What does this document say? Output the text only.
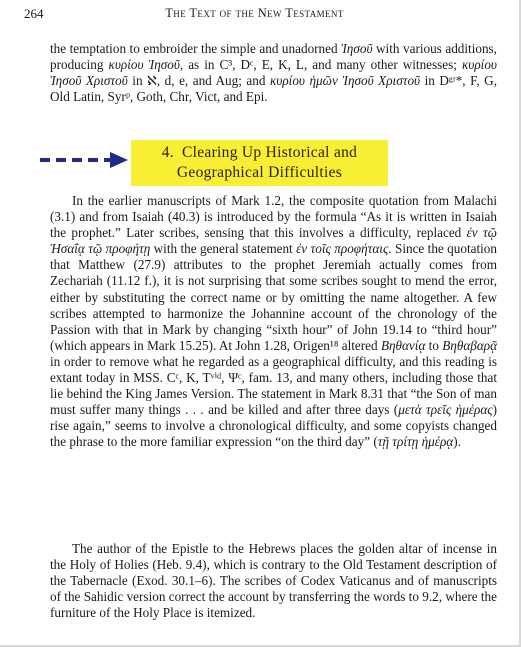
264	The Text of the New Testament

the temptation to embroider the simple and unadorned Ἰησοῦ with various additions, producing κυρίου Ἰησοῦ, as in C³, Dᶜ, E, K, L, and many other witnesses; κυρίου Ἰησοῦ Χριστοῦ in ℵ, d, e, and Aug; and κυρίου ἡμῶν Ἰησοῦ Χριστοῦ in Dᵍʳ*, F, G, Old Latin, Syrᵖ, Goth, Chr, Vict, and Epi.

4. Clearing Up Historical and
Geographical Difficulties

In the earlier manuscripts of Mark 1.2, the composite quotation from Malachi (3.1) and from Isaiah (40.3) is introduced by the formula “As it is written in Isaiah the prophet.” Later scribes, sensing that this involves a difficulty, replaced ἐν τῷ Ἠσαΐᾳ τῷ προφήτῃ with the general statement ἐν τοῖς προφήταις. Since the quotation that Matthew (27.9) attributes to the prophet Jeremiah actually comes from Zechariah (11.12 f.), it is not surprising that some scribes sought to mend the error, either by substituting the correct name or by omitting the name altogether. A few scribes attempted to harmonize the Johannine account of the chronology of the Passion with that in Mark by changing “sixth hour” of John 19.14 to “third hour” (which appears in Mark 15.25). At John 1.28, Origen¹⁸ altered Βηθανίᾳ to Βηθαβαρᾷ in order to remove what he regarded as a geographical difficulty, and this reading is extant today in MSS. Cᶜ, K, Tᵛⁱᵈ, Ψᶜ, fam. 13, and many others, including those that lie behind the King James Version. The statement in Mark 8.31 that “the Son of man must suffer many things . . . and be killed and after three days (μετὰ τρεῖς ἡμέρας) rise again,” seems to involve a chronological difficulty, and some copyists changed the phrase to the more familiar expression “on the third day” (τῇ τρίτῃ ἡμέρᾳ).

The author of the Epistle to the Hebrews places the golden altar of incense in the Holy of Holies (Heb. 9.4), which is contrary to the Old Testament description of the Tabernacle (Exod. 30.1–6). The scribes of Codex Vaticanus and of manuscripts of the Sahidic version correct the account by transferring the words to 9.2, where the furniture of the Holy Place is itemized.
